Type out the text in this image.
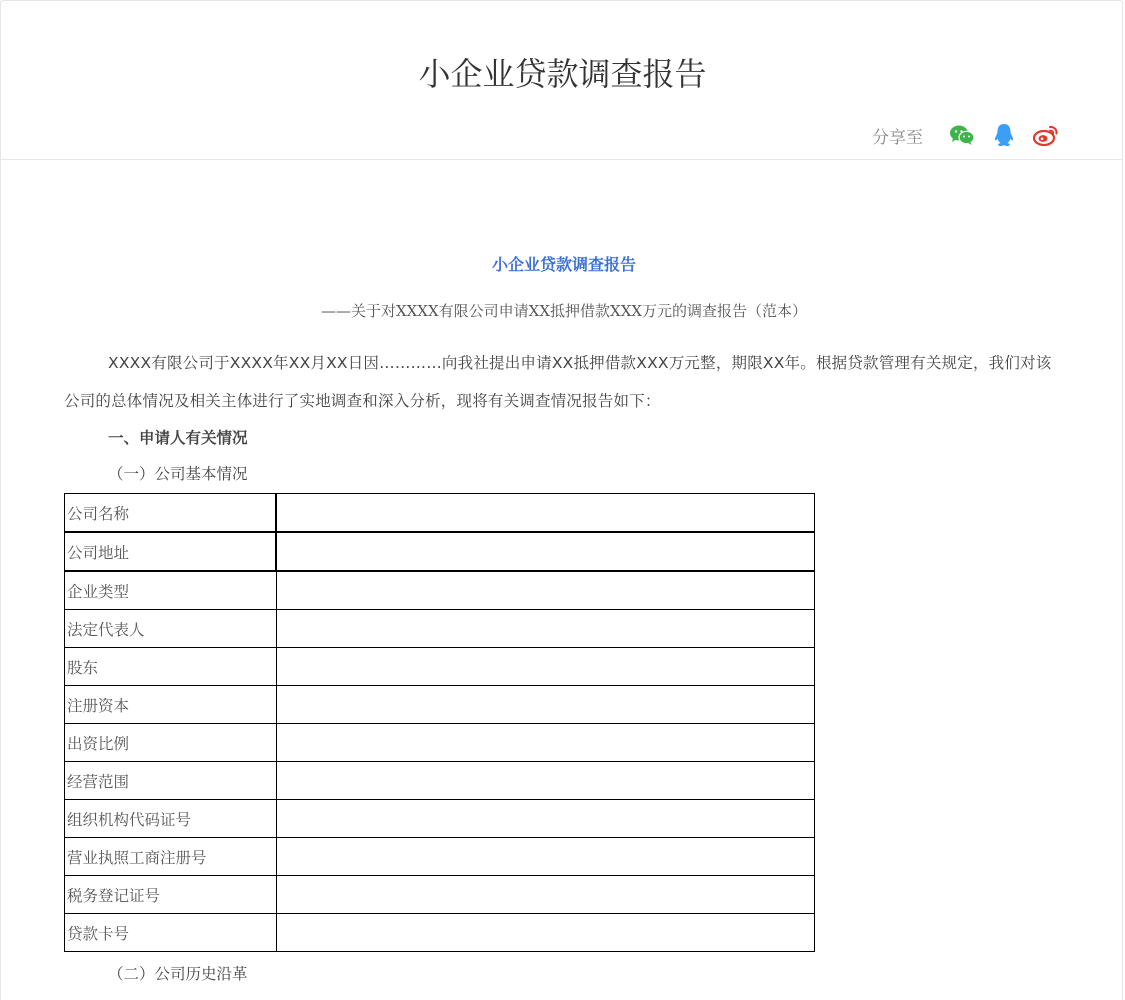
小企业贷款调查报告
分享至

小企业贷款调查报告

——关于对XXXX有限公司申请XX抵押借款XXX万元的调查报告（范本）

XXXX有限公司于XXXX年XX月XX日因…………向我社提出申请XX抵押借款XXX万元整，期限XX年。根据贷款管理有关规定，我们对该公司的总体情况及相关主体进行了实地调查和深入分析，现将有关调查情况报告如下：

一、申请人有关情况

（一）公司基本情况

公司名称	
公司地址	
企业类型	
法定代表人	
股东	
注册资本	
出资比例	
经营范围	
组织机构代码证号	
营业执照工商注册号	
税务登记证号	
贷款卡号	

（二）公司历史沿革
